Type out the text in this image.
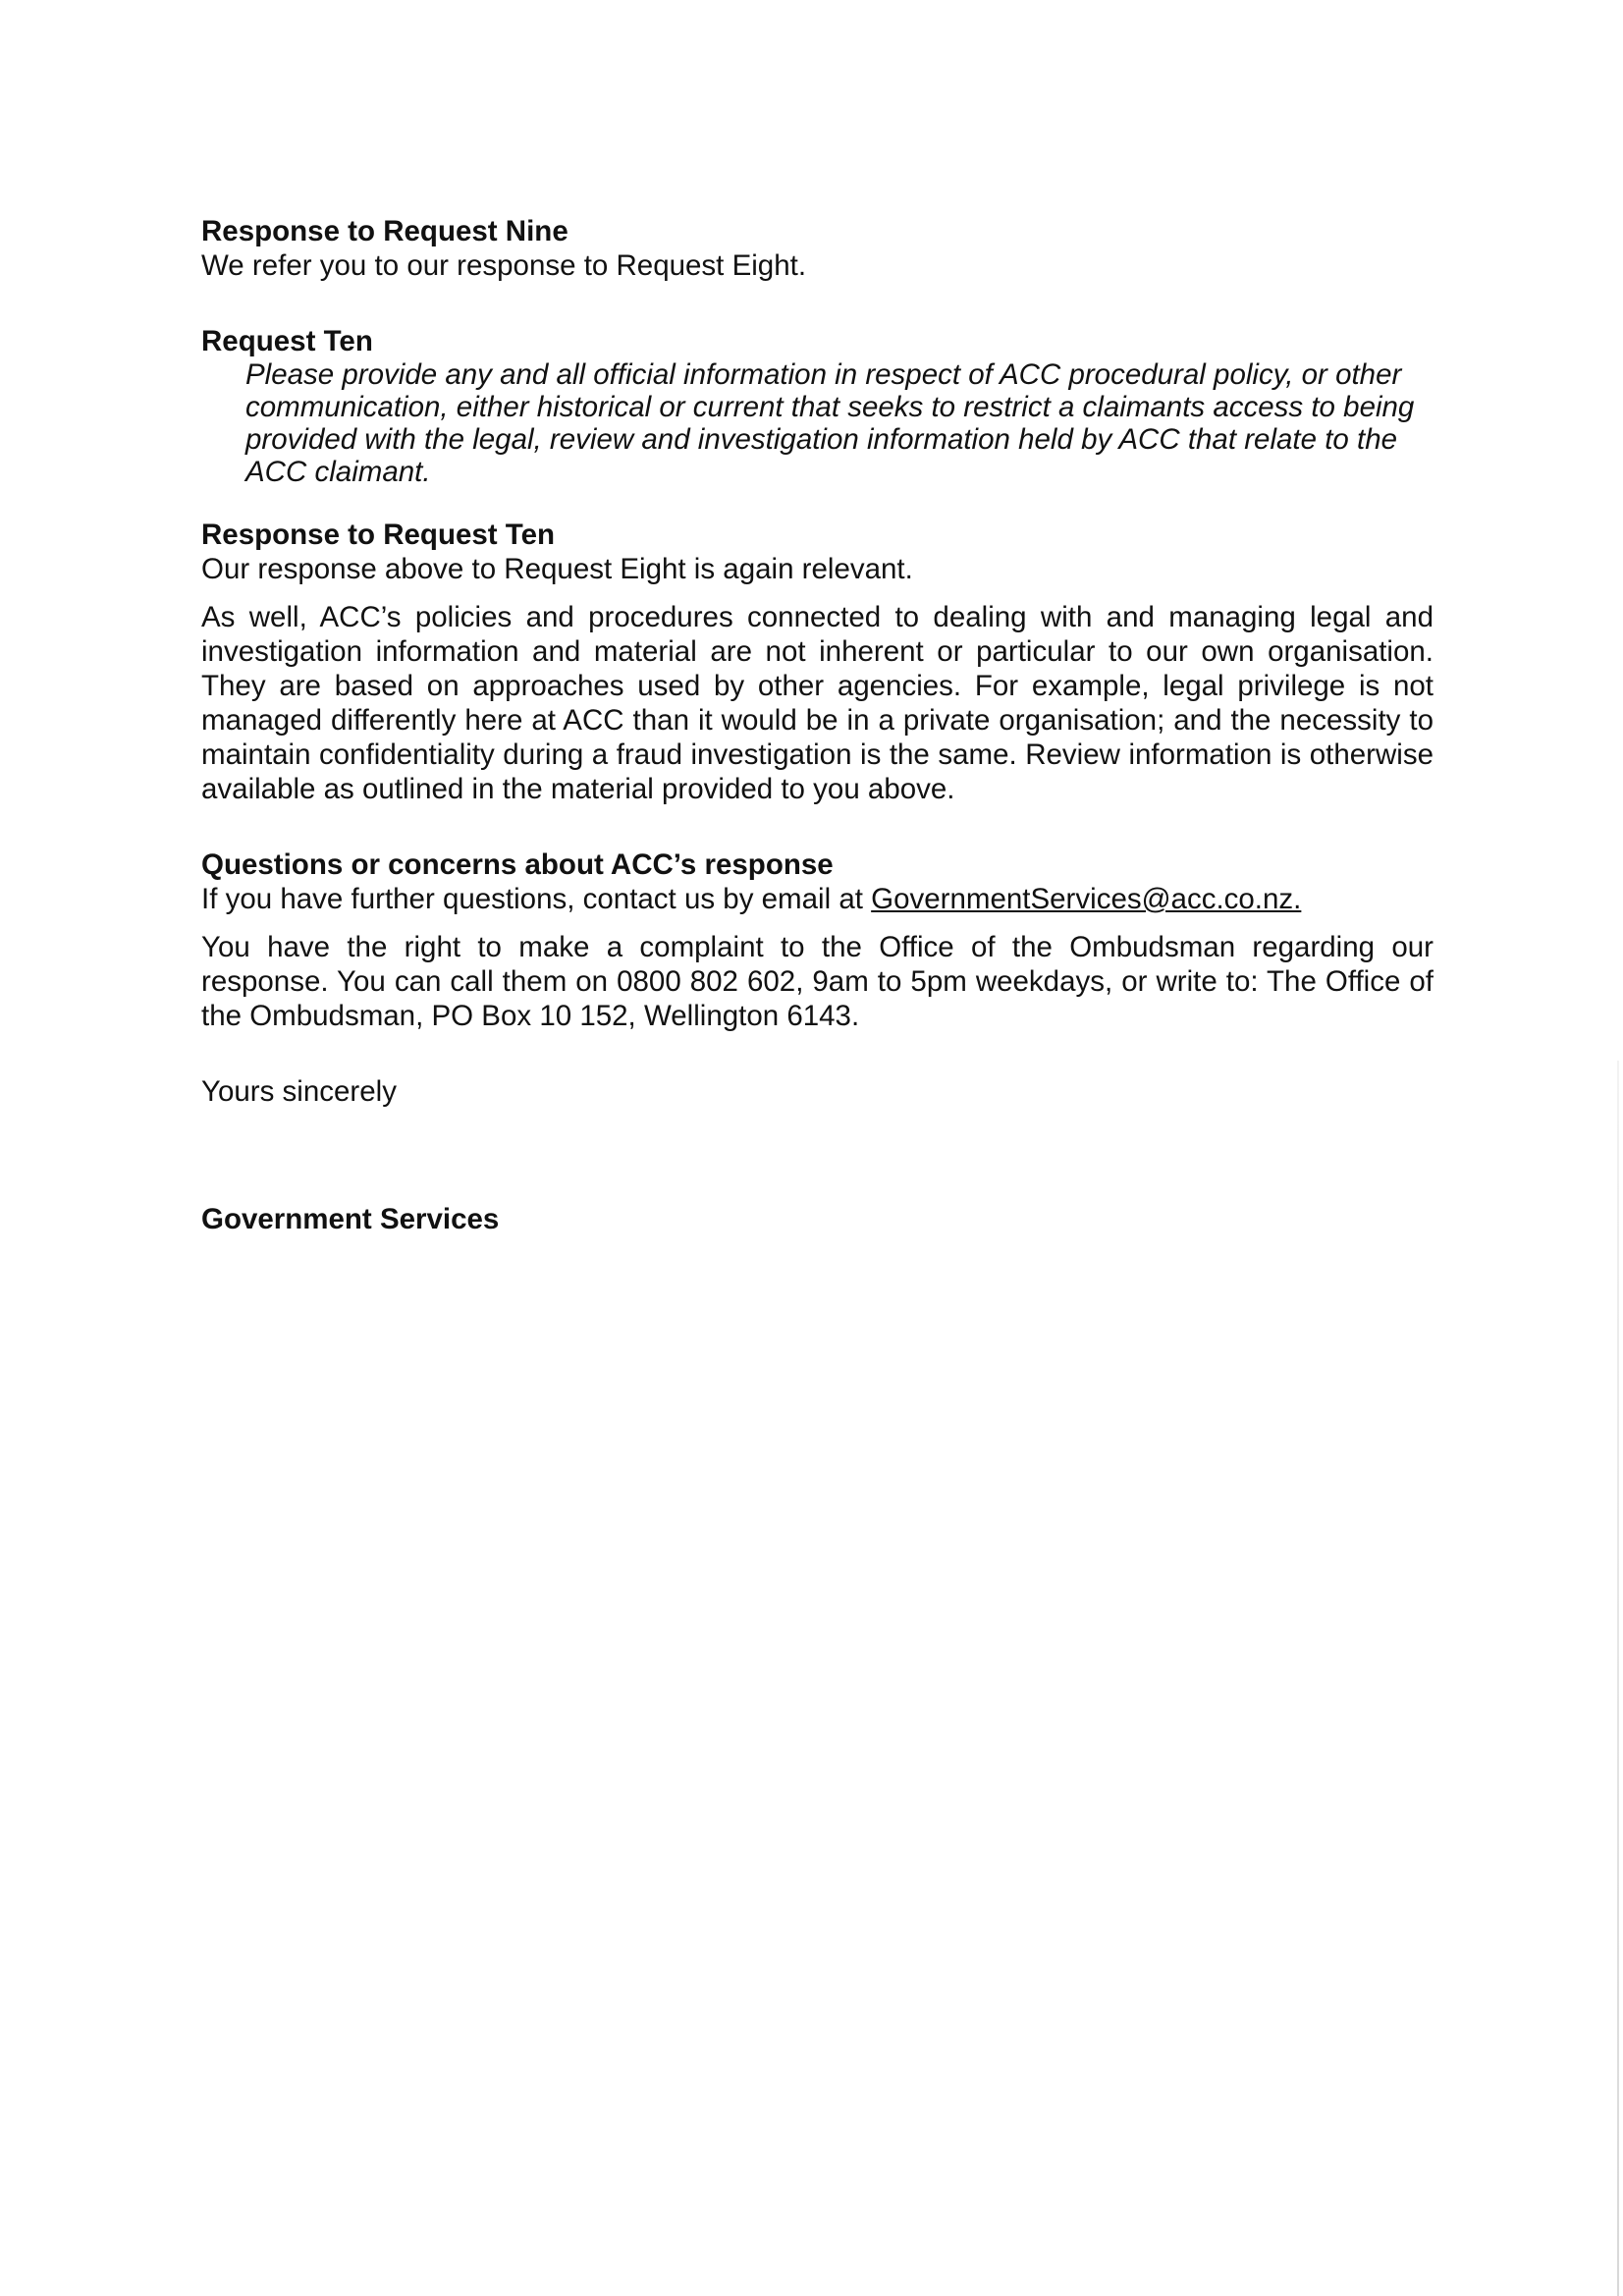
Response to Request Nine

We refer you to our response to Request Eight.

Request Ten

Please provide any and all official information in respect of ACC procedural policy, or other communication, either historical or current that seeks to restrict a claimants access to being provided with the legal, review and investigation information held by ACC that relate to the ACC claimant.

Response to Request Ten

Our response above to Request Eight is again relevant.

As well, ACC’s policies and procedures connected to dealing with and managing legal and investigation information and material are not inherent or particular to our own organisation. They are based on approaches used by other agencies. For example, legal privilege is not managed differently here at ACC than it would be in a private organisation; and the necessity to maintain confidentiality during a fraud investigation is the same. Review information is otherwise available as outlined in the material provided to you above.

Questions or concerns about ACC’s response

If you have further questions, contact us by email at GovernmentServices@acc.co.nz.

You have the right to make a complaint to the Office of the Ombudsman regarding our response. You can call them on 0800 802 602, 9am to 5pm weekdays, or write to: The Office of the Ombudsman, PO Box 10 152, Wellington 6143.

Yours sincerely

Government Services
